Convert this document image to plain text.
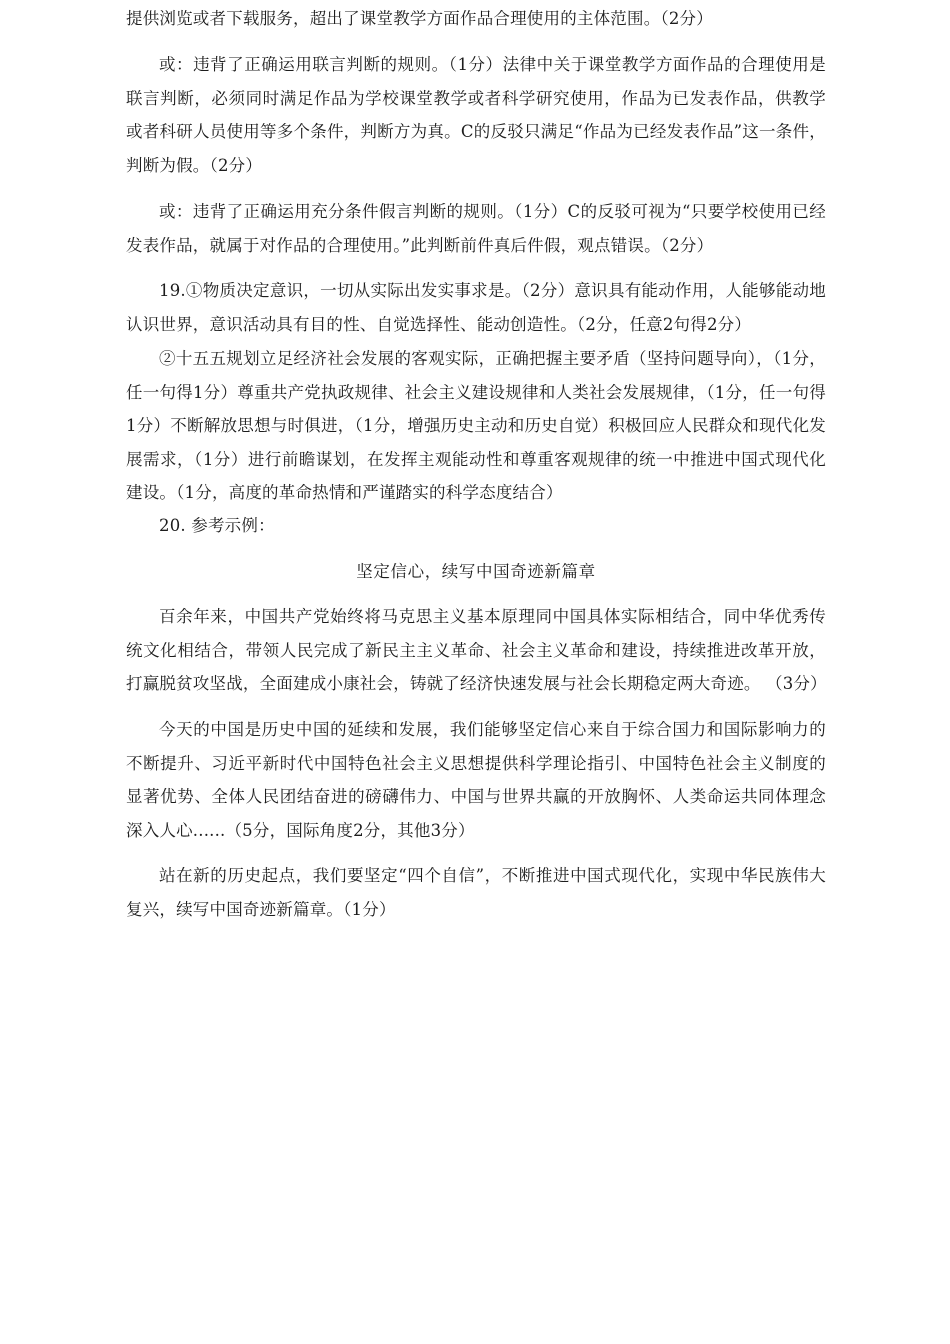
提供浏览或者下载服务，超出了课堂教学方面作品合理使用的主体范围。（2分）

或：违背了正确运用联言判断的规则。（1分）法律中关于课堂教学方面作品的合理使用是联言判断，必须同时满足作品为学校课堂教学或者科学研究使用，作品为已发表作品，供教学或者科研人员使用等多个条件，判断方为真。C的反驳只满足“作品为已经发表作品”这一条件，判断为假。（2分）

或：违背了正确运用充分条件假言判断的规则。（1分）C的反驳可视为“只要学校使用已经发表作品，就属于对作品的合理使用。”此判断前件真后件假，观点错误。（2分）

19.①物质决定意识，一切从实际出发实事求是。（2分）意识具有能动作用，人能够能动地认识世界，意识活动具有目的性、自觉选择性、能动创造性。（2分，任意2句得2分）

②十五五规划立足经济社会发展的客观实际，正确把握主要矛盾（坚持问题导向），（1分，任一句得1分）尊重共产党执政规律、社会主义建设规律和人类社会发展规律，（1分，任一句得1分）不断解放思想与时俱进，（1分，增强历史主动和历史自觉）积极回应人民群众和现代化发展需求，（1分）进行前瞻谋划，在发挥主观能动性和尊重客观规律的统一中推进中国式现代化建设。（1分，高度的革命热情和严谨踏实的科学态度结合）

20. 参考示例：

坚定信心，续写中国奇迹新篇章

百余年来，中国共产党始终将马克思主义基本原理同中国具体实际相结合，同中华优秀传统文化相结合，带领人民完成了新民主主义革命、社会主义革命和建设，持续推进改革开放，打赢脱贫攻坚战，全面建成小康社会，铸就了经济快速发展与社会长期稳定两大奇迹。 （3分）

今天的中国是历史中国的延续和发展，我们能够坚定信心来自于综合国力和国际影响力的不断提升、习近平新时代中国特色社会主义思想提供科学理论指引、中国特色社会主义制度的显著优势、全体人民团结奋进的磅礴伟力、中国与世界共赢的开放胸怀、人类命运共同体理念深入人心......（5分，国际角度2分，其他3分）

站在新的历史起点，我们要坚定“四个自信”，不断推进中国式现代化，实现中华民族伟大复兴，续写中国奇迹新篇章。（1分）
